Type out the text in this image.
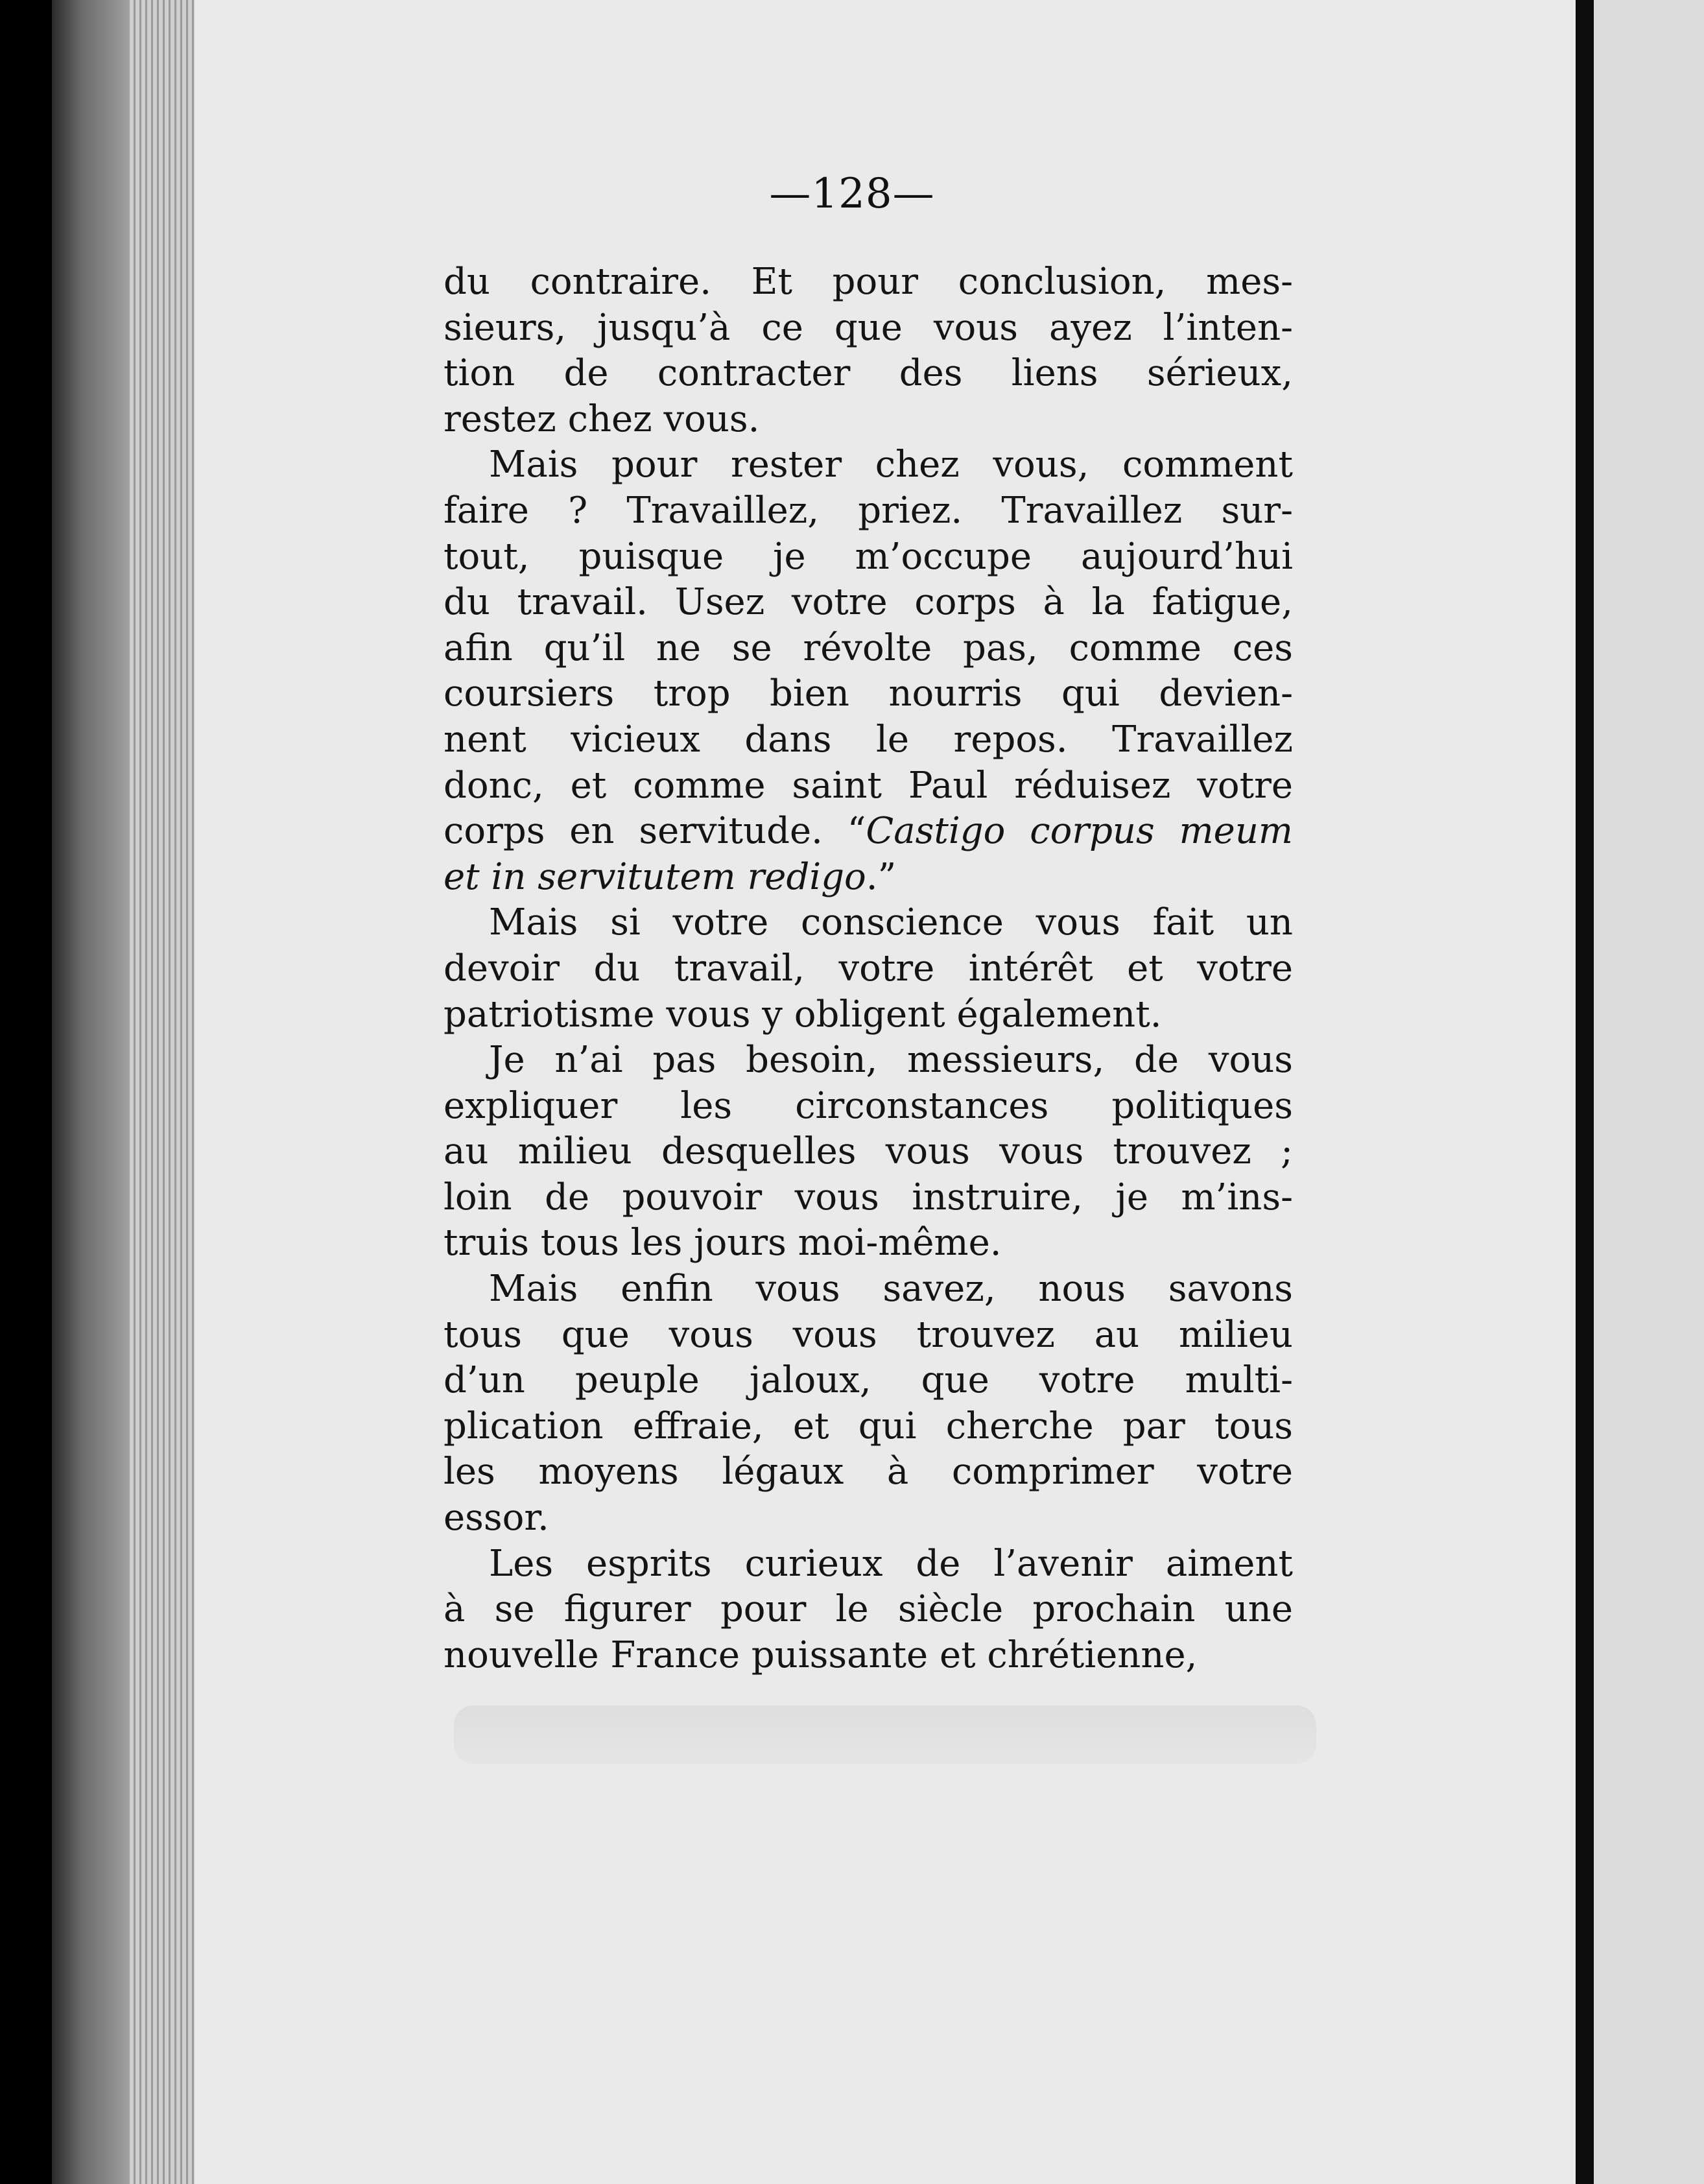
—128—

du contraire. Et pour conclusion, mes-
sieurs, jusqu’à ce que vous ayez l’inten-
tion de contracter des liens sérieux,
restez chez vous.

Mais pour rester chez vous, comment
faire ? Travaillez, priez. Travaillez sur-
tout, puisque je m’occupe aujourd’hui
du travail. Usez votre corps à la fatigue,
afin qu’il ne se révolte pas, comme ces
coursiers trop bien nourris qui devien-
nent vicieux dans le repos. Travaillez
donc, et comme saint Paul réduisez votre
corps en servitude. “Castigo corpus meum
et in servitutem redigo.”

Mais si votre conscience vous fait un
devoir du travail, votre intérêt et votre
patriotisme vous y obligent également.

Je n’ai pas besoin, messieurs, de vous
expliquer les circonstances politiques
au milieu desquelles vous vous trouvez ;
loin de pouvoir vous instruire, je m’ins-
truis tous les jours moi-même.

Mais enfin vous savez, nous savons
tous que vous vous trouvez au milieu
d’un peuple jaloux, que votre multi-
plication effraie, et qui cherche par tous
les moyens légaux à comprimer votre
essor.

Les esprits curieux de l’avenir aiment
à se figurer pour le siècle prochain une
nouvelle France puissante et chrétienne,
